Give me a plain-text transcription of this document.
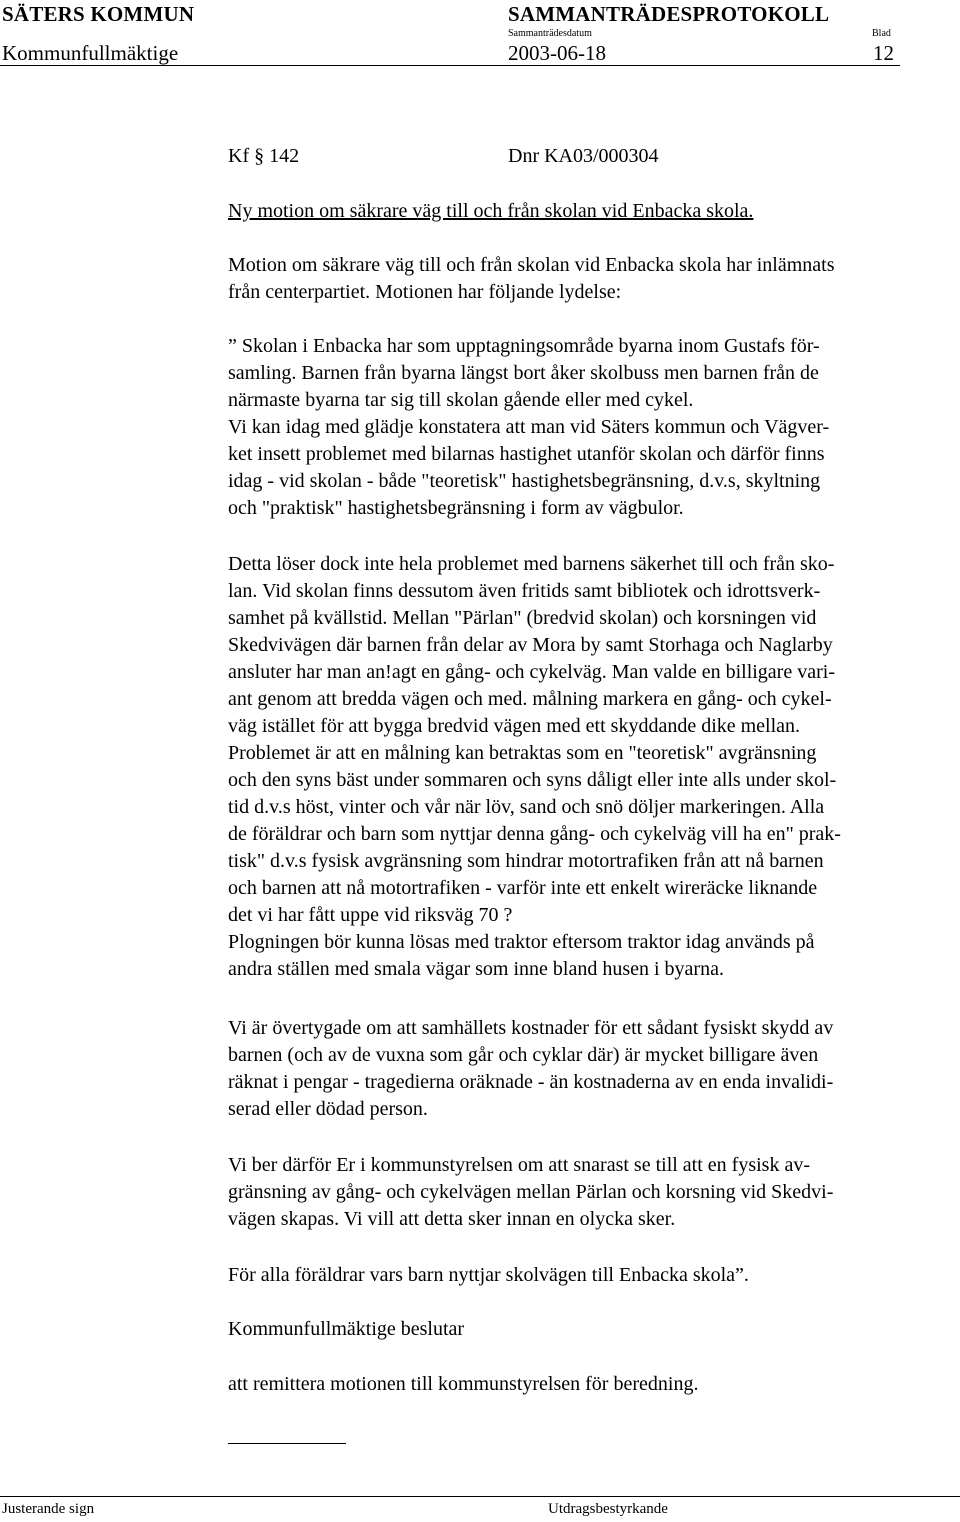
SÄTERS KOMMUN	SAMMANTRÄDESPROTOKOLL
Sammanträdesdatum	Blad
Kommunfullmäktige	2003-06-18	12
Kf § 142	Dnr KA03/000304
Ny motion om säkrare väg till och från skolan vid Enbacka skola.
Motion om säkrare väg till och från skolan vid Enbacka skola har inlämnats
från centerpartiet. Motionen har följande lydelse:
” Skolan i Enbacka har som upptagningsområde byarna inom Gustafs för-
samling. Barnen från byarna längst bort åker skolbuss men barnen från de
närmaste byarna tar sig till skolan gående eller med cykel.
Vi kan idag med glädje konstatera att man vid Säters kommun och Vägver-
ket insett problemet med bilarnas hastighet utanför skolan och därför finns
idag - vid skolan - både "teoretisk" hastighetsbegränsning, d.v.s, skyltning
och "praktisk" hastighetsbegränsning i form av vägbulor.
Detta löser dock inte hela problemet med barnens säkerhet till och från sko-
lan. Vid skolan finns dessutom även fritids samt bibliotek och idrottsverk-
samhet på kvällstid. Mellan "Pärlan" (bredvid skolan) och korsningen vid
Skedvivägen där barnen från delar av Mora by samt Storhaga och Naglarby
ansluter har man an!agt en gång- och cykelväg. Man valde en billigare vari-
ant genom att bredda vägen och med. målning markera en gång- och cykel-
väg istället för att bygga bredvid vägen med ett skyddande dike mellan.
Problemet är att en målning kan betraktas som en "teoretisk" avgränsning
och den syns bäst under sommaren och syns dåligt eller inte alls under skol-
tid d.v.s höst, vinter och vår när löv, sand och snö döljer markeringen. Alla
de föräldrar och barn som nyttjar denna gång- och cykelväg vill ha en" prak-
tisk" d.v.s fysisk avgränsning som hindrar motortrafiken från att nå barnen
och barnen att nå motortrafiken - varför inte ett enkelt wireräcke liknande
det vi har fått uppe vid riksväg 70 ?
Plogningen bör kunna lösas med traktor eftersom traktor idag används på
andra ställen med smala vägar som inne bland husen i byarna.
Vi är övertygade om att samhällets kostnader för ett sådant fysiskt skydd av
barnen (och av de vuxna som går och cyklar där) är mycket billigare även
räknat i pengar - tragedierna oräknade - än kostnaderna av en enda invalidi-
serad eller dödad person.
Vi ber därför Er i kommunstyrelsen om att snarast se till att en fysisk av-
gränsning av gång- och cykelvägen mellan Pärlan och korsning vid Skedvi-
vägen skapas. Vi vill att detta sker innan en olycka sker.
För alla föräldrar vars barn nyttjar skolvägen till Enbacka skola”.
Kommunfullmäktige beslutar
att remittera motionen till kommunstyrelsen för beredning.
Justerande sign	Utdragsbestyrkande
